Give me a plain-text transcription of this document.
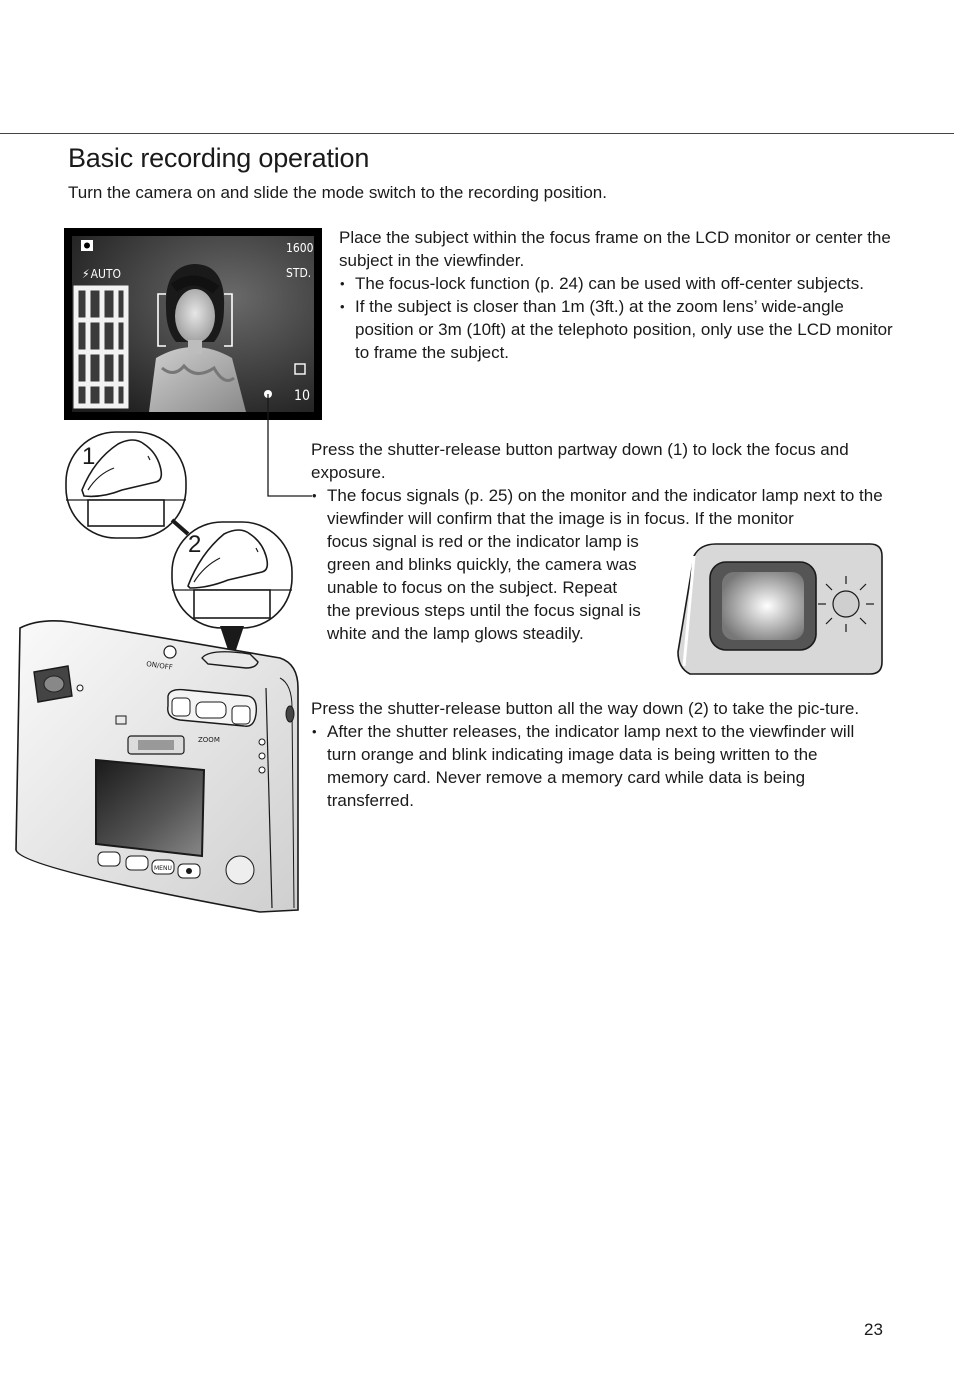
Basic recording operation

Turn the camera on and slide the mode switch to the recording position.

⚡AUTO
1600
STD.
10
1
2
ON/OFF
ZOOM
MENU

Place the subject within the focus frame on the LCD monitor or center the subject in the viewfinder.

• The focus-lock function (p. 24) can be used with off-center subjects.
• If the subject is closer than 1m (3ft.) at the zoom lens’ wide-angle position or 3m (10ft) at the telephoto position, only use the LCD monitor to frame the subject.

Press the shutter-release button partway down (1) to lock the focus and exposure.

• The focus signals (p. 25) on the monitor and the indicator lamp next to the viewfinder will confirm that the image is in focus. If the monitor

focus signal is red or the indicator lamp is green and blinks quickly, the camera was unable to focus on the subject. Repeat the previous steps until the focus signal is white and the lamp glows steadily.

Press the shutter-release button all the way down (2) to take the pic-ture.

• After the shutter releases, the indicator lamp next to the viewfinder will turn orange and blink indicating image data is being written to the memory card. Never remove a memory card while data is being transferred.
23
